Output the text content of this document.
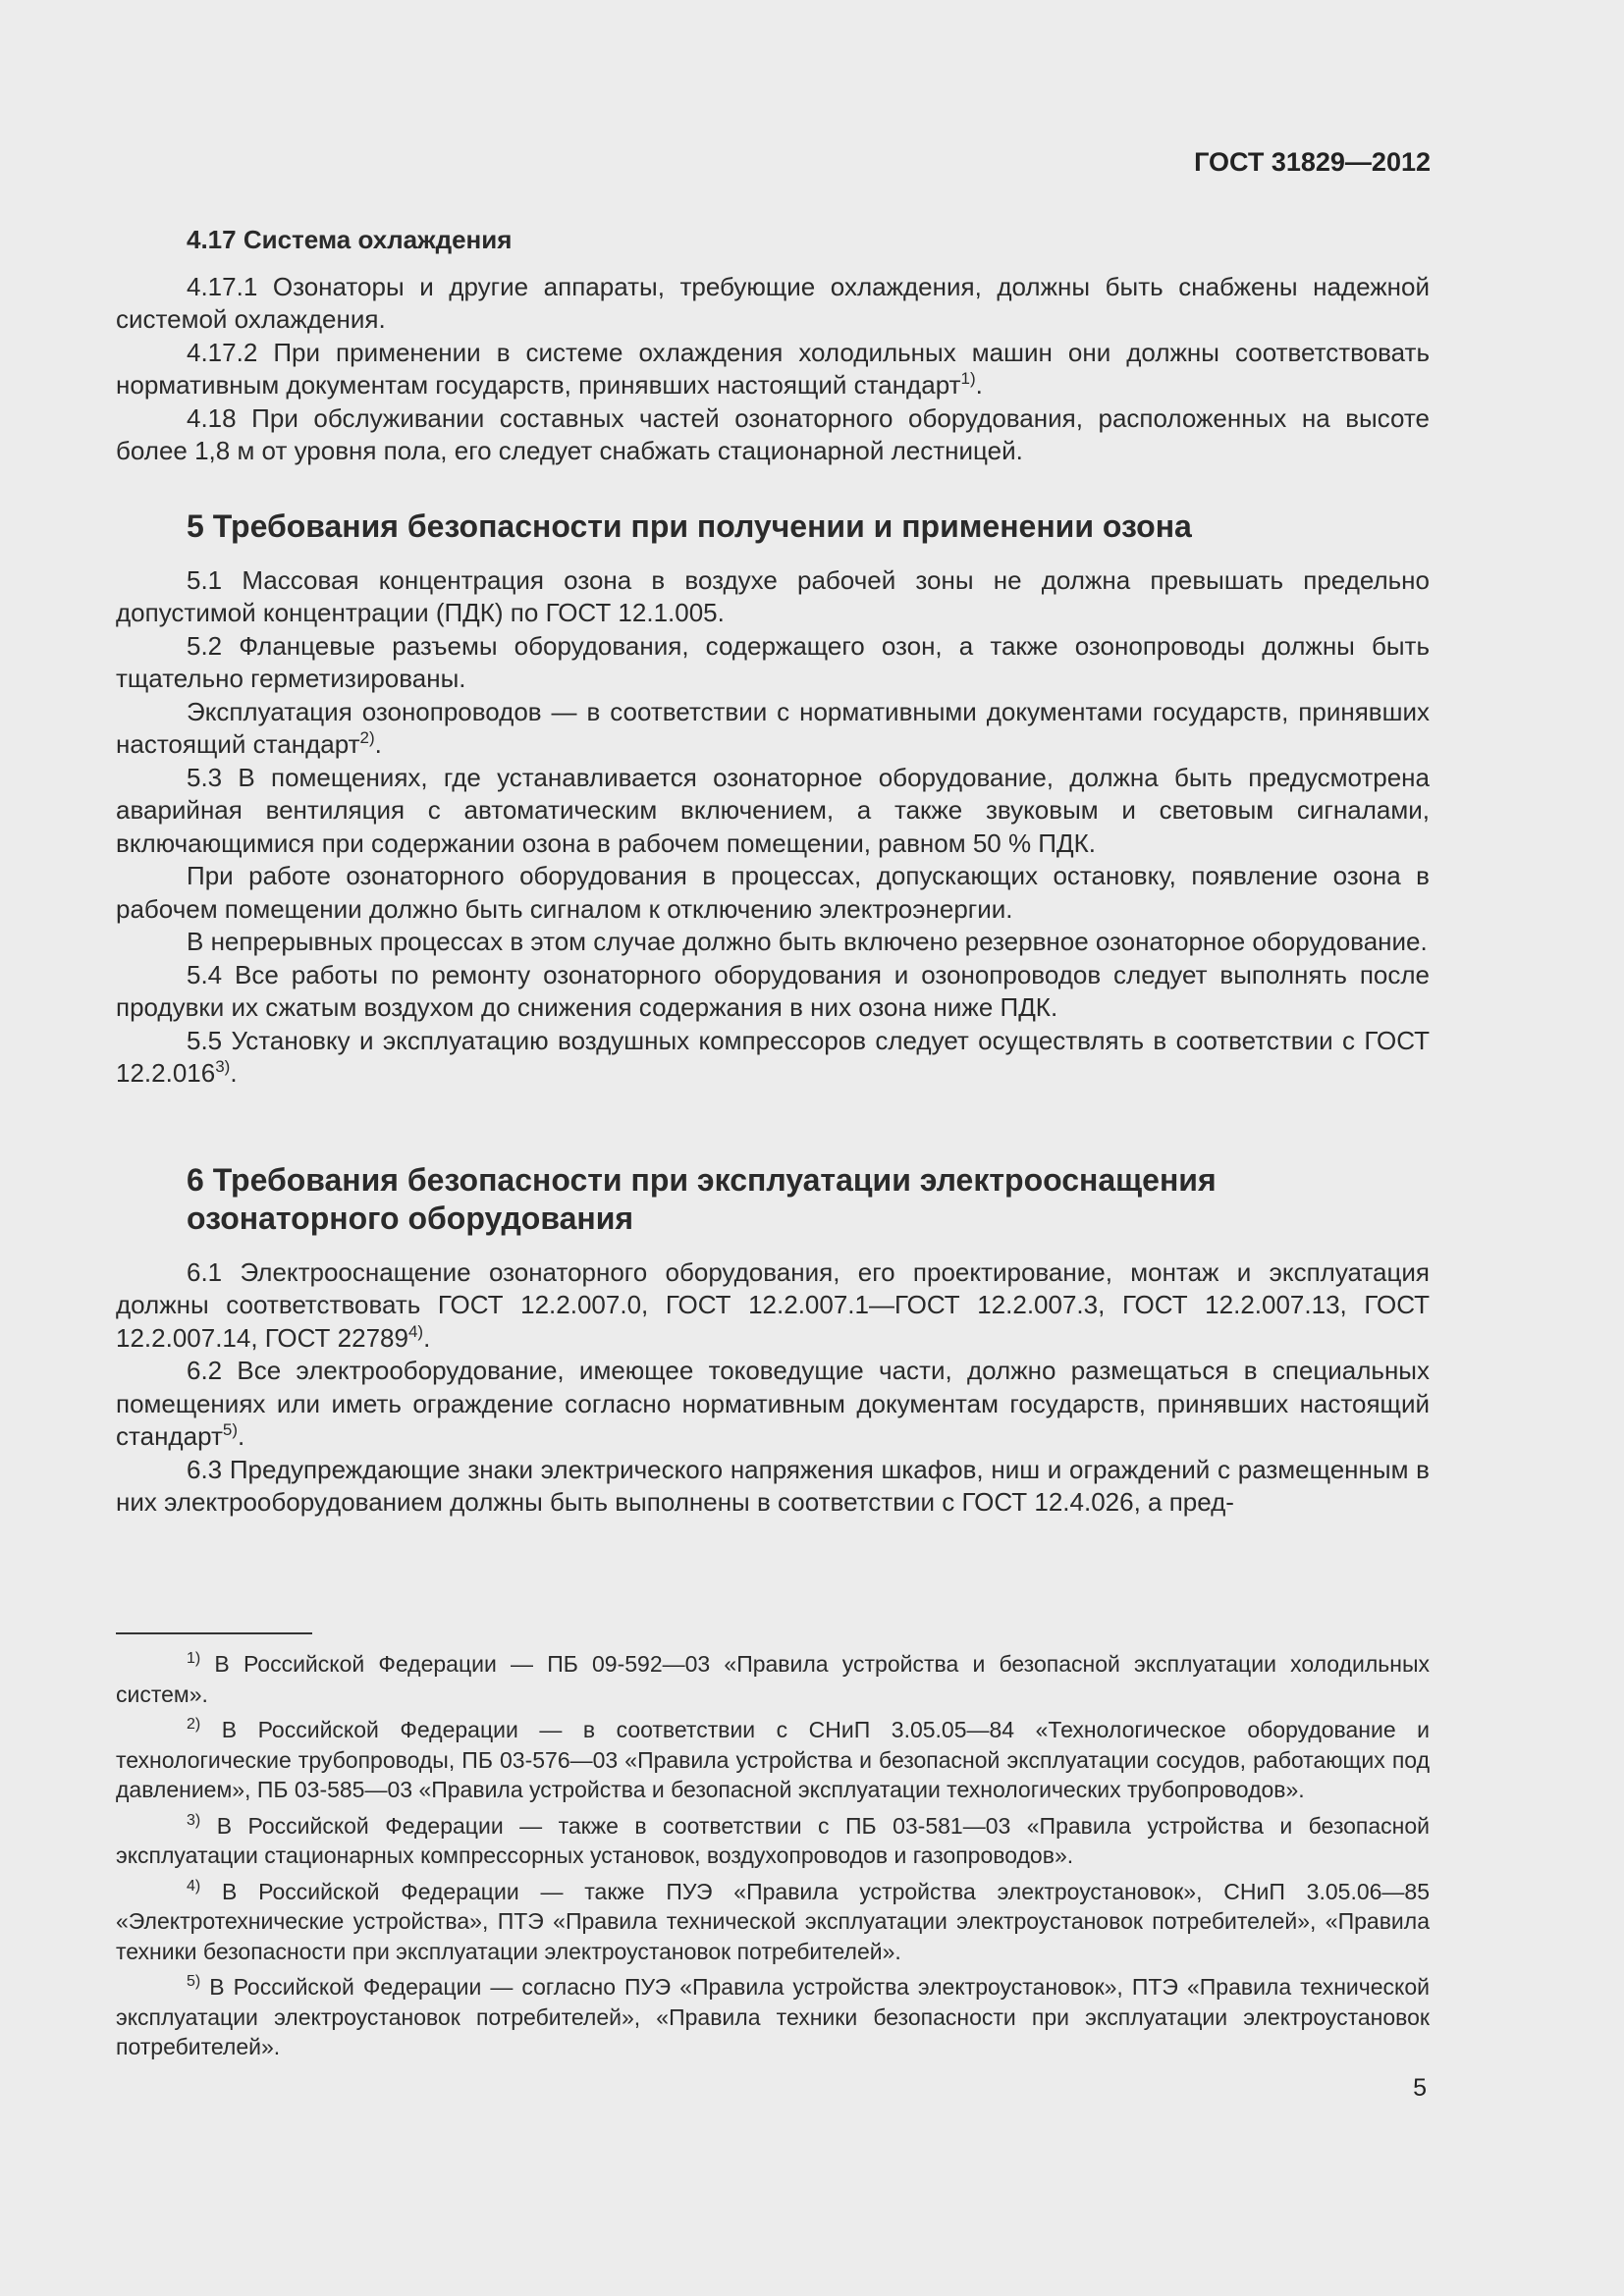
ГОСТ 31829—2012

4.17 Система охлаждения

4.17.1 Озонаторы и другие аппараты, требующие охлаждения, должны быть снабжены надежной системой охлаждения.

4.17.2 При применении в системе охлаждения холодильных машин они должны соответствовать нормативным документам государств, принявших настоящий стандарт$^{1)}$.

4.18 При обслуживании составных частей озонаторного оборудования, расположенных на высоте более 1,8 м от уровня пола, его следует снабжать стационарной лестницей.

5 Требования безопасности при получении и применении озона

5.1 Массовая концентрация озона в воздухе рабочей зоны не должна превышать предельно допустимой концентрации (ПДК) по ГОСТ 12.1.005.

5.2 Фланцевые разъемы оборудования, содержащего озон, а также озонопроводы должны быть тщательно герметизированы.

Эксплуатация озонопроводов — в соответствии с нормативными документами государств, принявших настоящий стандарт$^{2)}$.

5.3 В помещениях, где устанавливается озонаторное оборудование, должна быть предусмотрена аварийная вентиляция с автоматическим включением, а также звуковым и световым сигналами, включающимися при содержании озона в рабочем помещении, равном 50 % ПДК.

При работе озонаторного оборудования в процессах, допускающих остановку, появление озона в рабочем помещении должно быть сигналом к отключению электроэнергии.

В непрерывных процессах в этом случае должно быть включено резервное озонаторное оборудование.

5.4 Все работы по ремонту озонаторного оборудования и озонопроводов следует выполнять после продувки их сжатым воздухом до снижения содержания в них озона ниже ПДК.

5.5 Установку и эксплуатацию воздушных компрессоров следует осуществлять в соответствии с ГОСТ 12.2.016$^{3)}$.

6 Требования безопасности при эксплуатации электрооснащения

озонаторного оборудования

6.1 Электрооснащение озонаторного оборудования, его проектирование, монтаж и эксплуатация должны соответствовать ГОСТ 12.2.007.0, ГОСТ 12.2.007.1—ГОСТ 12.2.007.3, ГОСТ 12.2.007.13, ГОСТ 12.2.007.14, ГОСТ 22789$^{4)}$.

6.2 Все электрооборудование, имеющее токоведущие части, должно размещаться в специальных помещениях или иметь ограждение согласно нормативным документам государств, принявших настоящий стандарт$^{5)}$.

6.3 Предупреждающие знаки электрического напряжения шкафов, ниш и ограждений с размещенным в них электрооборудованием должны быть выполнены в соответствии с ГОСТ 12.4.026, а пред-

$^{1)}$ В Российской Федерации — ПБ 09-592—03 «Правила устройства и безопасной эксплуатации холодильных систем».

$^{2)}$ В Российской Федерации — в соответствии с СНиП 3.05.05—84 «Технологическое оборудование и технологические трубопроводы, ПБ 03-576—03 «Правила устройства и безопасной эксплуатации сосудов, работающих под давлением», ПБ 03-585—03 «Правила устройства и безопасной эксплуатации технологических трубопроводов».

$^{3)}$ В Российской Федерации — также в соответствии с ПБ 03-581—03 «Правила устройства и безопасной эксплуатации стационарных компрессорных установок, воздухопроводов и газопроводов».

$^{4)}$ В Российской Федерации — также ПУЭ «Правила устройства электроустановок», СНиП 3.05.06—85 «Электротехнические устройства», ПТЭ «Правила технической эксплуатации электроустановок потребителей», «Правила техники безопасности при эксплуатации электроустановок потребителей».

$^{5)}$ В Российской Федерации — согласно ПУЭ «Правила устройства электроустановок», ПТЭ «Правила технической эксплуатации электроустановок потребителей», «Правила техники безопасности при эксплуатации электроустановок потребителей».

5
